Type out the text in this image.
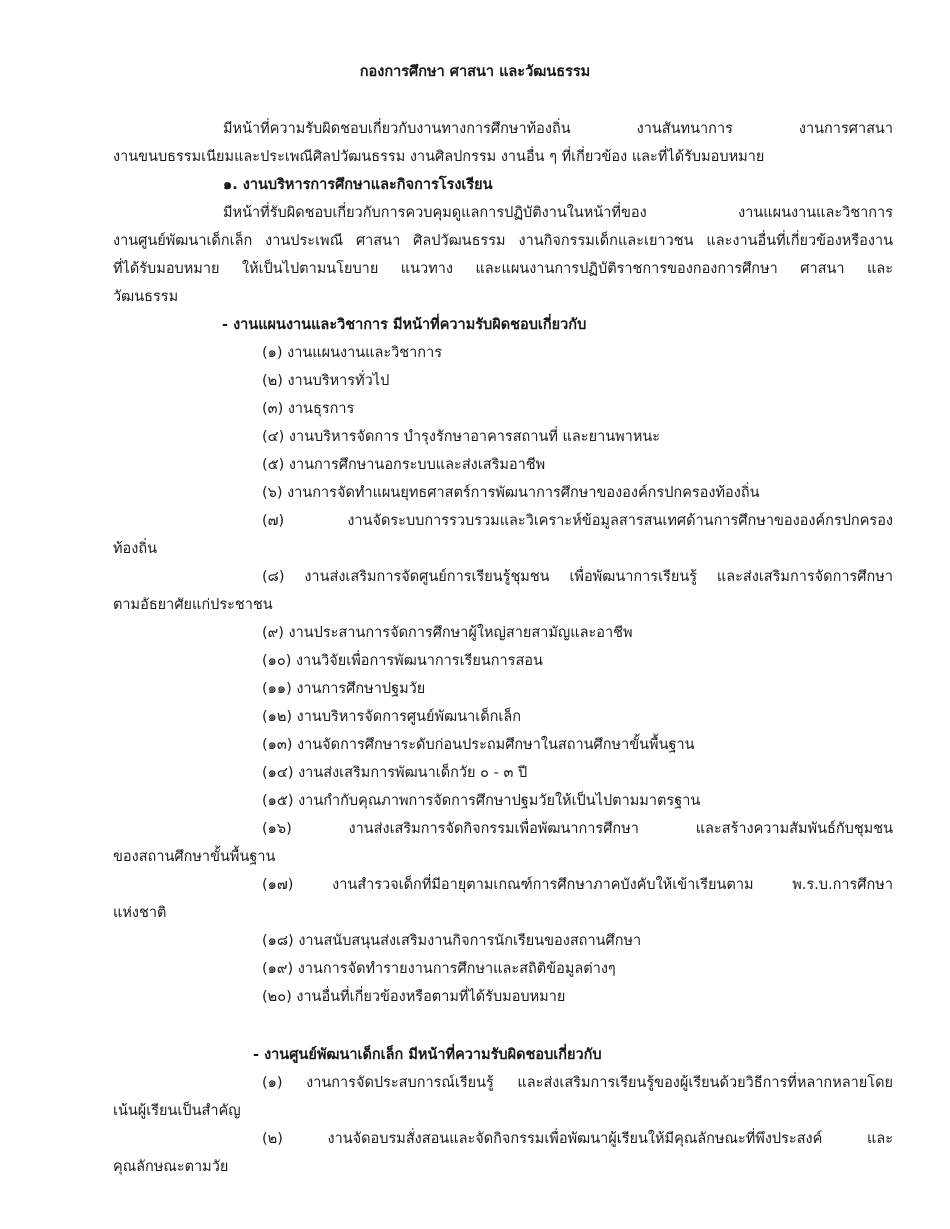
กองการศึกษา ศาสนา และวัฒนธรรม
มีหน้าที่ความรับผิดชอบเกี่ยวกับงานทางการศึกษาท้องถิ่น งานสันทนาการ งานการศาสนา
งานขนบธรรมเนียมและประเพณีศิลปวัฒนธรรม งานศิลปกรรม งานอื่น ๆ ที่เกี่ยวข้อง และที่ได้รับมอบหมาย
๑. งานบริหารการศึกษาและกิจการโรงเรียน
มีหน้าที่รับผิดชอบเกี่ยวกับการควบคุมดูแลการปฏิบัติงานในหน้าที่ของ งานแผนงานและวิชาการ
งานศูนย์พัฒนาเด็กเล็ก งานประเพณี ศาสนา ศิลปวัฒนธรรม งานกิจกรรมเด็กและเยาวชน และงานอื่นที่เกี่ยวข้องหรืองาน
ที่ได้รับมอบหมาย ให้เป็นไปตามนโยบาย แนวทาง และแผนงานการปฏิบัติราชการของกองการศึกษา ศาสนา และ
วัฒนธรรม
- งานแผนงานและวิชาการ มีหน้าที่ความรับผิดชอบเกี่ยวกับ
(๑) งานแผนงานและวิชาการ
(๒) งานบริหารทั่วไป
(๓) งานธุรการ
(๔) งานบริหารจัดการ บำรุงรักษาอาคารสถานที่ และยานพาหนะ
(๕) งานการศึกษานอกระบบและส่งเสริมอาชีพ
(๖) งานการจัดทำแผนยุทธศาสตร์การพัฒนาการศึกษาขององค์กรปกครองท้องถิ่น
(๗) งานจัดระบบการรวบรวมและวิเคราะห์ข้อมูลสารสนเทศด้านการศึกษาขององค์กรปกครอง
ท้องถิ่น
(๘) งานส่งเสริมการจัดศูนย์การเรียนรู้ชุมชน เพื่อพัฒนาการเรียนรู้ และส่งเสริมการจัดการศึกษา
ตามอัธยาศัยแก่ประชาชน
(๙) งานประสานการจัดการศึกษาผู้ใหญ่สายสามัญและอาชีพ
(๑๐) งานวิจัยเพื่อการพัฒนาการเรียนการสอน
(๑๑) งานการศึกษาปฐมวัย
(๑๒) งานบริหารจัดการศูนย์พัฒนาเด็กเล็ก
(๑๓) งานจัดการศึกษาระดับก่อนประถมศึกษาในสถานศึกษาขั้นพื้นฐาน
(๑๔) งานส่งเสริมการพัฒนาเด็กวัย ๐ - ๓ ปี
(๑๕) งานกำกับคุณภาพการจัดการศึกษาปฐมวัยให้เป็นไปตามมาตรฐาน
(๑๖) งานส่งเสริมการจัดกิจกรรมเพื่อพัฒนาการศึกษา และสร้างความสัมพันธ์กับชุมชน
ของสถานศึกษาขั้นพื้นฐาน
(๑๗) งานสำรวจเด็กที่มีอายุตามเกณฑ์การศึกษาภาคบังคับให้เข้าเรียนตาม พ.ร.บ.การศึกษา
แห่งชาติ
(๑๘) งานสนับสนุนส่งเสริมงานกิจการนักเรียนของสถานศึกษา
(๑๙) งานการจัดทำรายงานการศึกษาและสถิติข้อมูลต่างๆ
(๒๐) งานอื่นที่เกี่ยวข้องหรือตามที่ได้รับมอบหมาย
- งานศูนย์พัฒนาเด็กเล็ก มีหน้าที่ความรับผิดชอบเกี่ยวกับ
(๑) งานการจัดประสบการณ์เรียนรู้ และส่งเสริมการเรียนรู้ของผู้เรียนด้วยวิธีการที่หลากหลายโดย
เน้นผู้เรียนเป็นสำคัญ
(๒) งานจัดอบรมสั่งสอนและจัดกิจกรรมเพื่อพัฒนาผู้เรียนให้มีคุณลักษณะที่พึงประสงค์ และ
คุณลักษณะตามวัย
